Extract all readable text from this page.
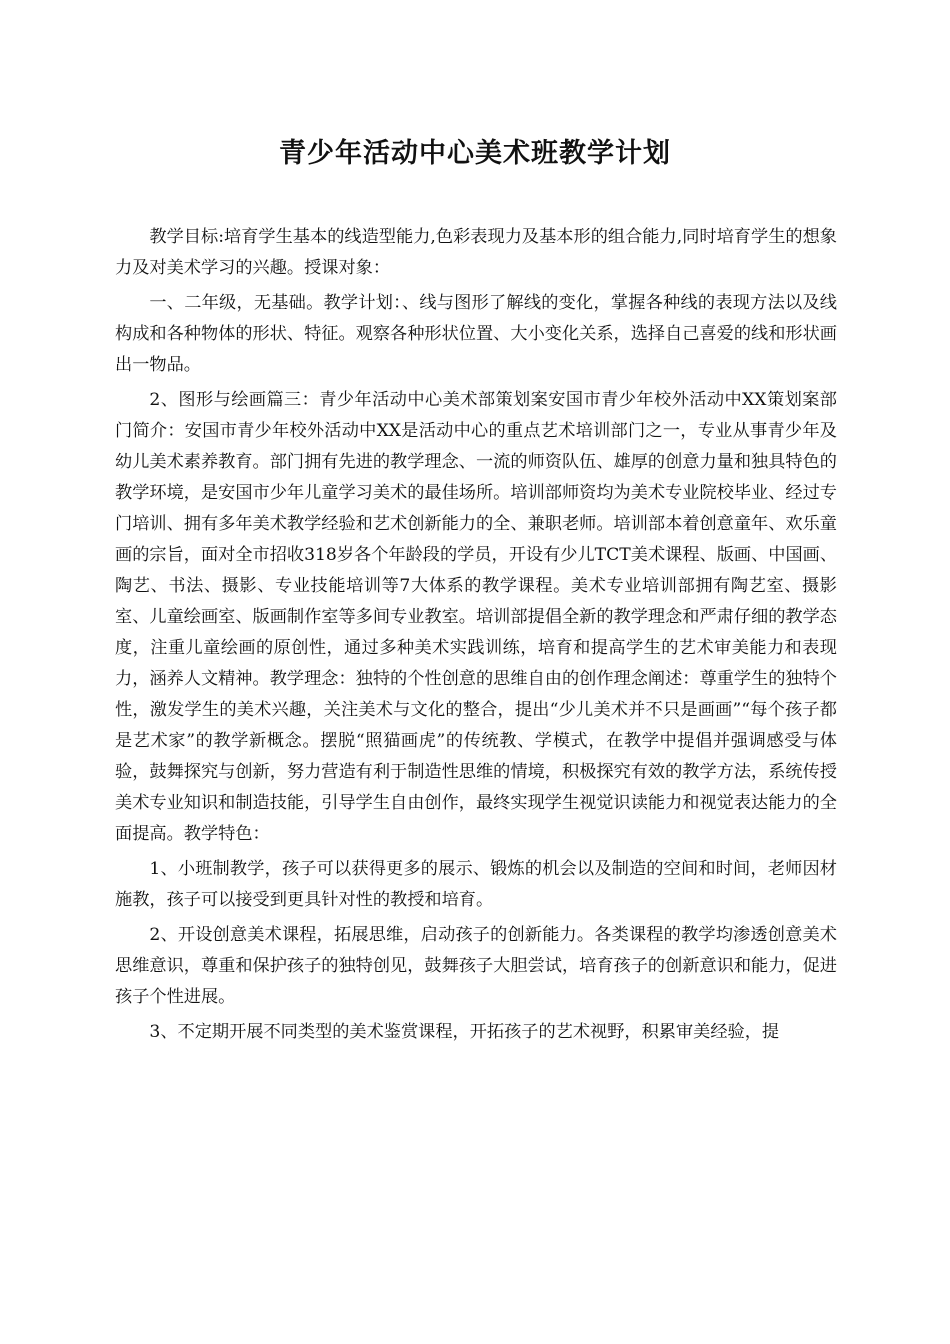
青少年活动中心美术班教学计划

教学目标:培育学生基本的线造型能力,色彩表现力及基本形的组合能力,同时培育学生的想象力及对美术学习的兴趣。授课对象：

一、二年级，无基础。教学计划：、线与图形了解线的变化，掌握各种线的表现方法以及线构成和各种物体的形状、特征。观察各种形状位置、大小变化关系，选择自己喜爱的线和形状画出一物品。

2、图形与绘画篇三：青少年活动中心美术部策划案安国市青少年校外活动中XX策划案部门简介：安国市青少年校外活动中XX是活动中心的重点艺术培训部门之一，专业从事青少年及幼儿美术素养教育。部门拥有先进的教学理念、一流的师资队伍、雄厚的创意力量和独具特色的教学环境，是安国市少年儿童学习美术的最佳场所。培训部师资均为美术专业院校毕业、经过专门培训、拥有多年美术教学经验和艺术创新能力的全、兼职老师。培训部本着创意童年、欢乐童画的宗旨，面对全市招收318岁各个年龄段的学员，开设有少儿TCT美术课程、版画、中国画、陶艺、书法、摄影、专业技能培训等7大体系的教学课程。美术专业培训部拥有陶艺室、摄影室、儿童绘画室、版画制作室等多间专业教室。培训部提倡全新的教学理念和严肃仔细的教学态度，注重儿童绘画的原创性，通过多种美术实践训练，培育和提高学生的艺术审美能力和表现力，涵养人文精神。教学理念：独特的个性创意的思维自由的创作理念阐述：尊重学生的独特个性，激发学生的美术兴趣，关注美术与文化的整合，提出“少儿美术并不只是画画”“每个孩子都是艺术家”的教学新概念。摆脱“照猫画虎”的传统教、学模式，在教学中提倡并强调感受与体验，鼓舞探究与创新，努力营造有利于制造性思维的情境，积极探究有效的教学方法，系统传授美术专业知识和制造技能，引导学生自由创作，最终实现学生视觉识读能力和视觉表达能力的全面提高。教学特色：

1、小班制教学，孩子可以获得更多的展示、锻炼的机会以及制造的空间和时间，老师因材施教，孩子可以接受到更具针对性的教授和培育。

2、开设创意美术课程，拓展思维，启动孩子的创新能力。各类课程的教学均渗透创意美术思维意识，尊重和保护孩子的独特创见，鼓舞孩子大胆尝试，培育孩子的创新意识和能力，促进孩子个性进展。

3、不定期开展不同类型的美术鉴赏课程，开拓孩子的艺术视野，积累审美经验，提
